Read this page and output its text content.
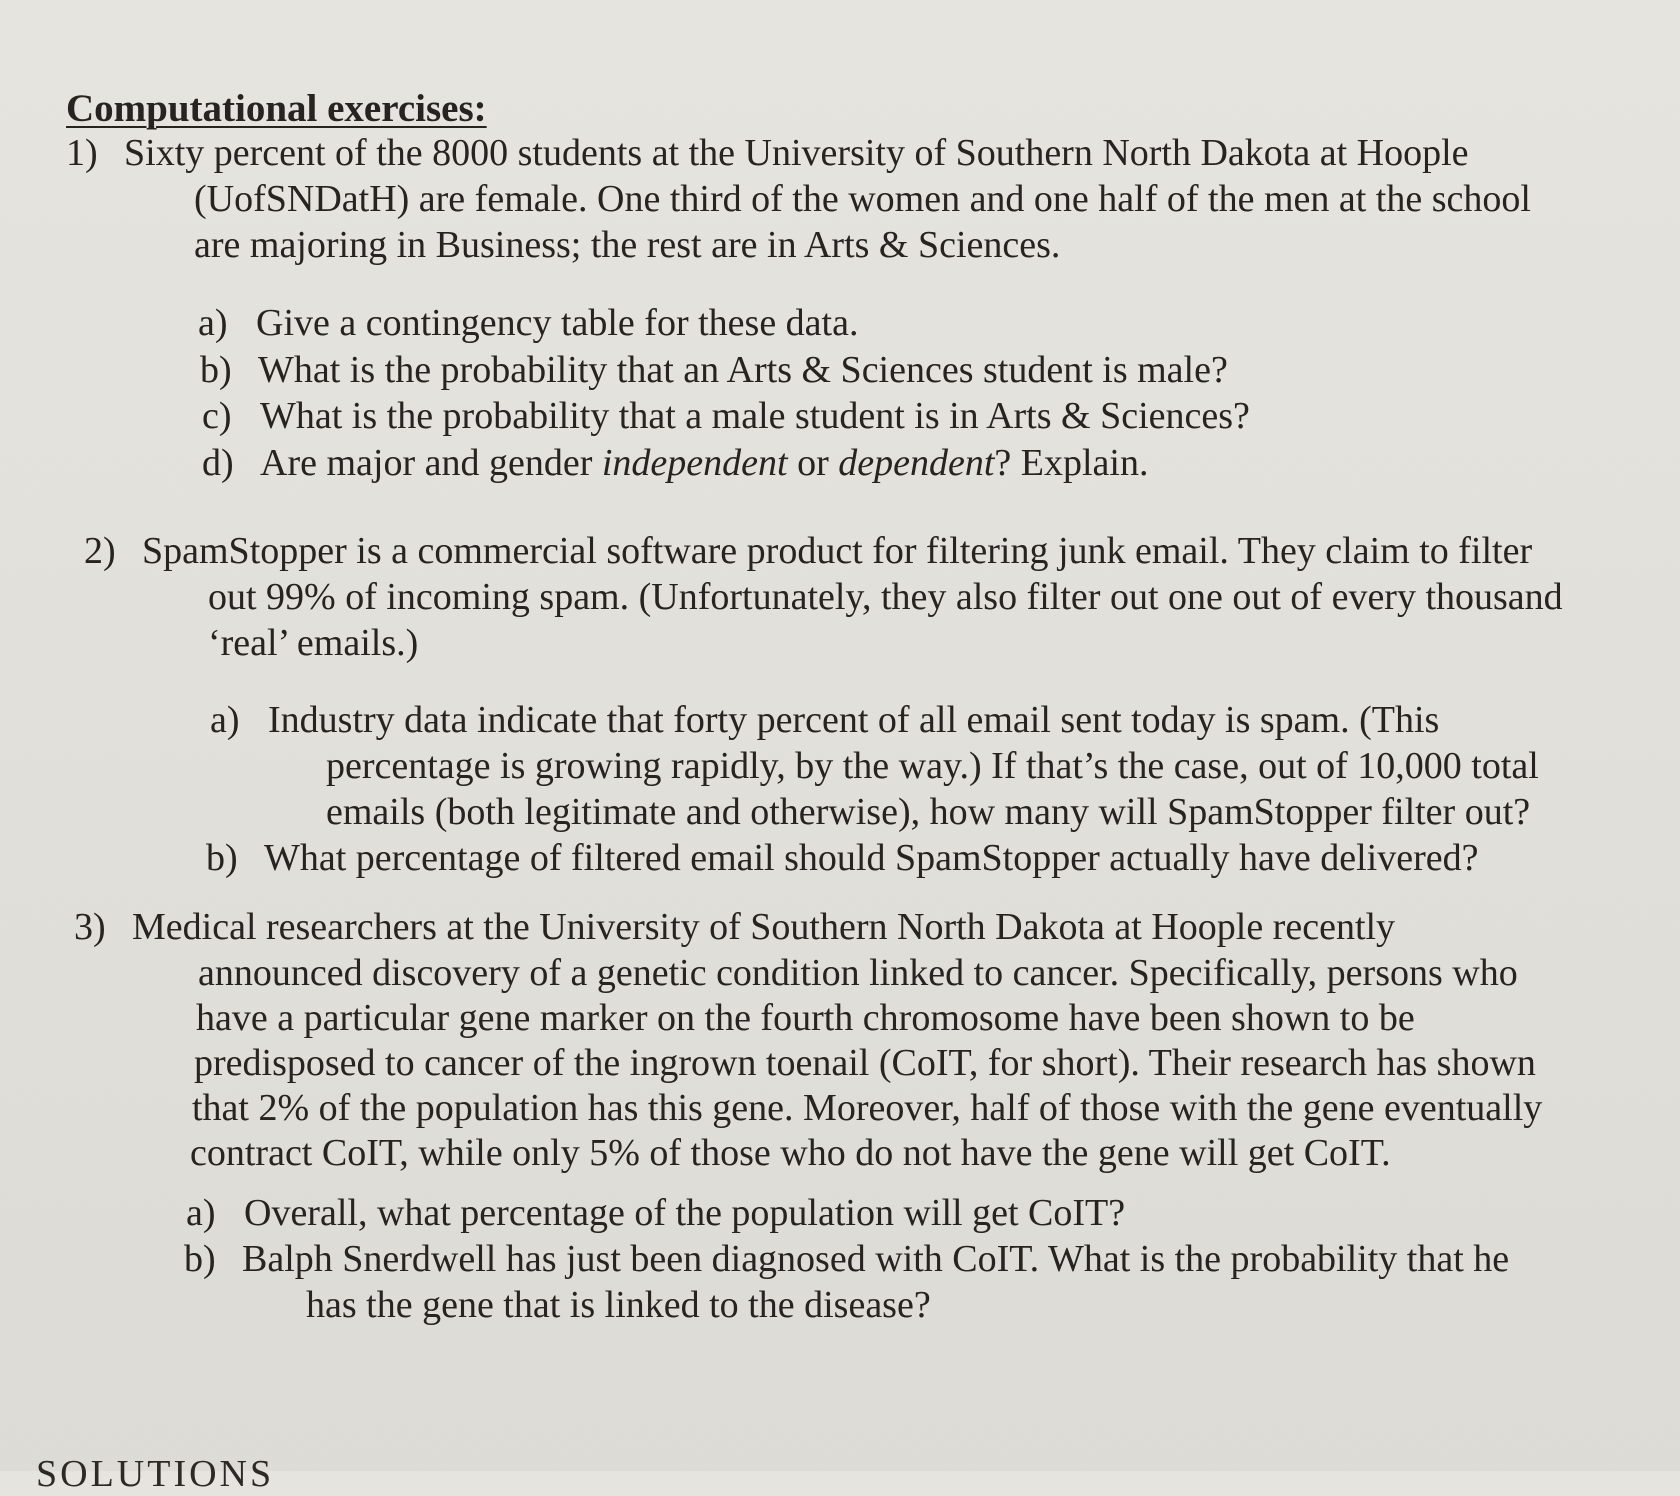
Computational exercises:
1) Sixty percent of the 8000 students at the University of Southern North Dakota at Hoople
(UofSNDatH) are female. One third of the women and one half of the men at the school
are majoring in Business; the rest are in Arts & Sciences.
a) Give a contingency table for these data.
b) What is the probability that an Arts & Sciences student is male?
c) What is the probability that a male student is in Arts & Sciences?
d) Are major and gender independent or dependent? Explain.
2) SpamStopper is a commercial software product for filtering junk email. They claim to filter
out 99% of incoming spam. (Unfortunately, they also filter out one out of every thousand
‘real’ emails.)
a) Industry data indicate that forty percent of all email sent today is spam. (This
percentage is growing rapidly, by the way.) If that’s the case, out of 10,000 total
emails (both legitimate and otherwise), how many will SpamStopper filter out?
b) What percentage of filtered email should SpamStopper actually have delivered?
3) Medical researchers at the University of Southern North Dakota at Hoople recently
announced discovery of a genetic condition linked to cancer. Specifically, persons who
have a particular gene marker on the fourth chromosome have been shown to be
predisposed to cancer of the ingrown toenail (CoIT, for short). Their research has shown
that 2% of the population has this gene. Moreover, half of those with the gene eventually
contract CoIT, while only 5% of those who do not have the gene will get CoIT.
a) Overall, what percentage of the population will get CoIT?
b) Balph Snerdwell has just been diagnosed with CoIT. What is the probability that he
has the gene that is linked to the disease?
SOLUTIONS
